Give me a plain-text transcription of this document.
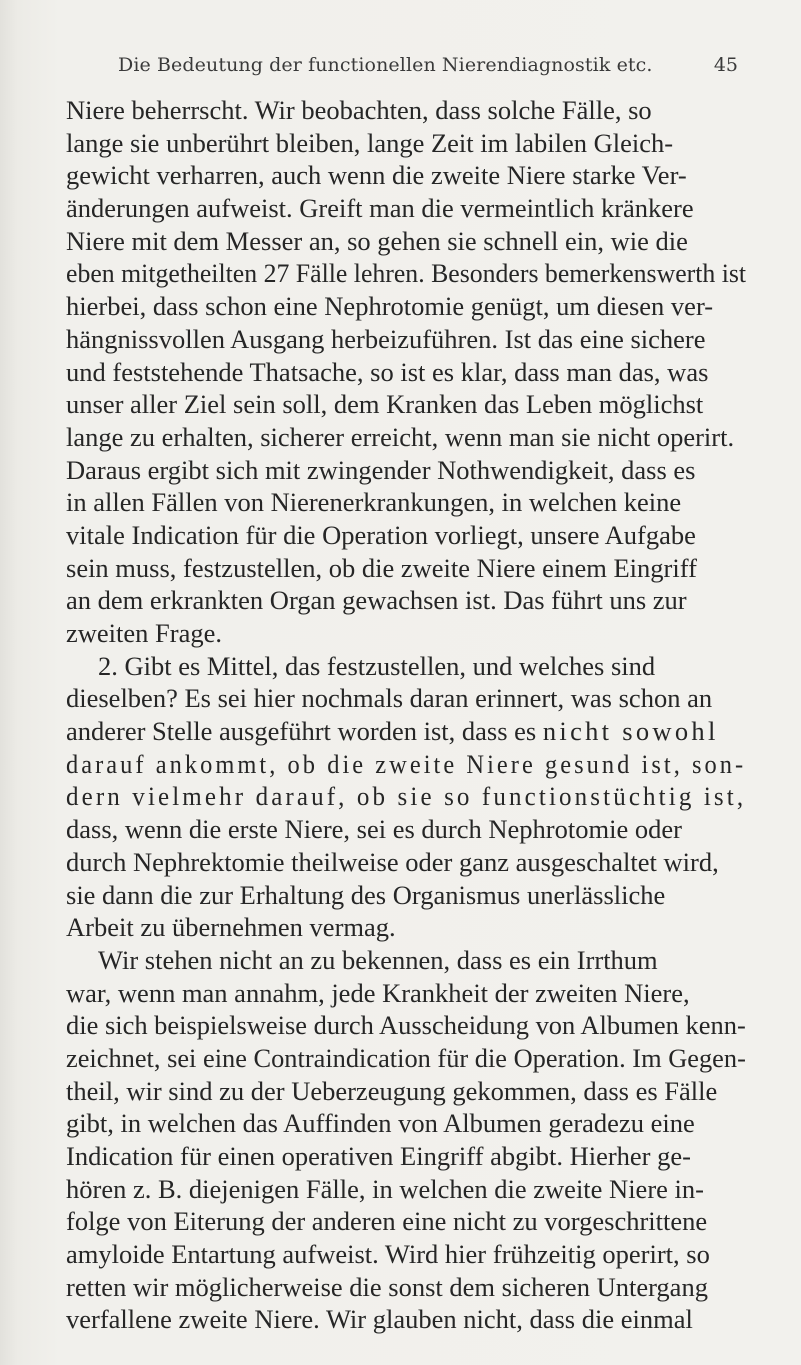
Die Bedeutung der functionellen Nierendiagnostik etc.	45
Niere beherrscht. Wir beobachten, dass solche Fälle, so
lange sie unberührt bleiben, lange Zeit im labilen Gleich-
gewicht verharren, auch wenn die zweite Niere starke Ver-
änderungen aufweist. Greift man die vermeintlich kränkere
Niere mit dem Messer an, so gehen sie schnell ein, wie die
eben mitgetheilten 27 Fälle lehren. Besonders bemerkenswerth ist
hierbei, dass schon eine Nephrotomie genügt, um diesen ver-
hängnissvollen Ausgang herbeizuführen. Ist das eine sichere
und feststehende Thatsache, so ist es klar, dass man das, was
unser aller Ziel sein soll, dem Kranken das Leben möglichst
lange zu erhalten, sicherer erreicht, wenn man sie nicht operirt.
Daraus ergibt sich mit zwingender Nothwendigkeit, dass es
in allen Fällen von Nierenerkrankungen, in welchen keine
vitale Indication für die Operation vorliegt, unsere Aufgabe
sein muss, festzustellen, ob die zweite Niere einem Eingriff
an dem erkrankten Organ gewachsen ist. Das führt uns zur
zweiten Frage.
2. Gibt es Mittel, das festzustellen, und welches sind
dieselben? Es sei hier nochmals daran erinnert, was schon an
anderer Stelle ausgeführt worden ist, dass es nicht sowohl
darauf ankommt, ob die zweite Niere gesund ist, son-
dern vielmehr darauf, ob sie so functionstüchtig ist,
dass, wenn die erste Niere, sei es durch Nephrotomie oder
durch Nephrektomie theilweise oder ganz ausgeschaltet wird,
sie dann die zur Erhaltung des Organismus unerlässliche
Arbeit zu übernehmen vermag.
Wir stehen nicht an zu bekennen, dass es ein Irrthum
war, wenn man annahm, jede Krankheit der zweiten Niere,
die sich beispielsweise durch Ausscheidung von Albumen kenn-
zeichnet, sei eine Contraindication für die Operation. Im Gegen-
theil, wir sind zu der Ueberzeugung gekommen, dass es Fälle
gibt, in welchen das Auffinden von Albumen geradezu eine
Indication für einen operativen Eingriff abgibt. Hierher ge-
hören z. B. diejenigen Fälle, in welchen die zweite Niere in-
folge von Eiterung der anderen eine nicht zu vorgeschrittene
amyloide Entartung aufweist. Wird hier frühzeitig operirt, so
retten wir möglicherweise die sonst dem sicheren Untergang
verfallene zweite Niere. Wir glauben nicht, dass die einmal
